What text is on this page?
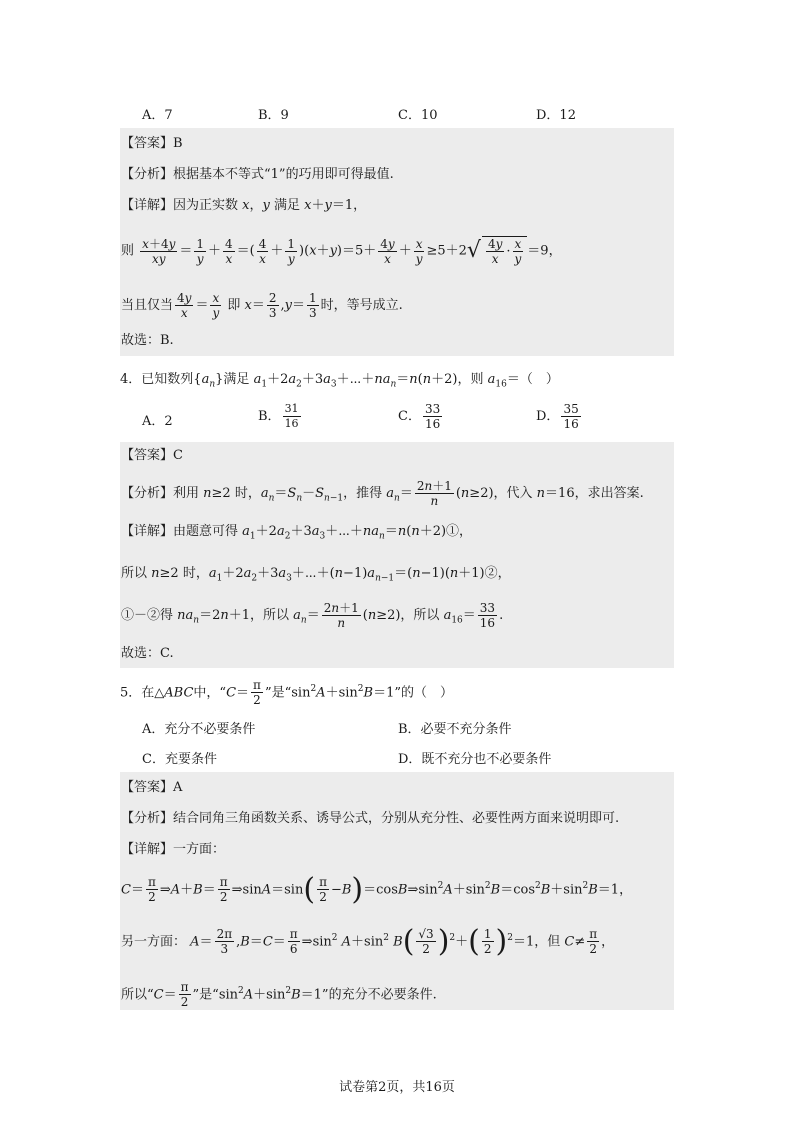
A．7	B．9	C．10	D．12
【答案】B
【分析】根据基本不等式“1”的巧用即可得最值.
【详解】因为正实数 x，y 满足 x＋y＝1，
则 $\frac{x+4y}{xy} = \frac{1}{y} + \frac{4}{x}$ ＝( $\frac{4}{x} + \frac{1}{y} )(x+y)=5+ \frac{4y}{x} + \frac{x}{y} \ge 5+2√ \frac{4y}{x} \cdot \frac{x}{y} =9$，
当且仅当 $\frac{4y}{x} = \frac{x}{y}$ 即 $x= \frac{2}{3} ,y= \frac{1}{3}$ 时，等号成立.
故选：B.
4．已知数列$\{a_n\}$满足 $a_1+2a_2+3a_3+\cdots+na_n=n(n+2)$，则 $a_{16}=$（　）
A．2	B． $\frac{31}{16}$	C． $\frac{33}{16}$	D． $\frac{35}{16}$
【答案】C
【分析】利用 n≥2 时，$a_n=S_n-S_{n-1}$，推得 $a_n= \frac{2n+1}{n} (n\ge 2)$，代入 n＝16，求出答案.
【详解】由题意可得 $a_1+2a_2+3a_3+\cdots+na_n=n(n+2)①$，
所以 n≥2 时，$a_1+2a_2+3a_3+\cdots+(n-1)a_{n-1}=(n-1)(n+1)②$，
①－②得 $na_n=2n+1$，所以 $a_n= \frac{2n+1}{n} (n\ge 2)$，所以 $a_{16}= \frac{33}{16}$ .
故选：C.
5．在△ABC中，“$C= \frac{\pi}{2}$ ”是“$\sin^2A+\sin^2B=1$”的（　）
A．充分不必要条件	B．必要不充分条件
C．充要条件	D．既不充分也不必要条件
【答案】A
【分析】结合同角三角函数关系、诱导公式，分别从充分性、必要性两方面来说明即可.
【详解】一方面：
$C= \frac{\pi}{2}$ ⇒A＋B＝ $\frac{\pi}{2}$ ⇒sinA＝sin( $\frac{\pi}{2}$ $-B)=\cos B\Rightarrow\sin^2A+\sin^2B=\cos^2B+\sin^2B=1$，
另一方面： $A= \frac{2\pi}{3} ,B=C= \frac{\pi}{6}$ $\Rightarrow\sin^2$ $A+\sin^2$ $B( \frac{√3}{2} )^2+( \frac{1}{2} )^2=1$，但 $C\ne \frac{\pi}{2}$ ，
所以“$C= \frac{\pi}{2}$ ”是“$\sin^2A+\sin^2B=1$”的充分不必要条件.
试卷第2页，共16页
